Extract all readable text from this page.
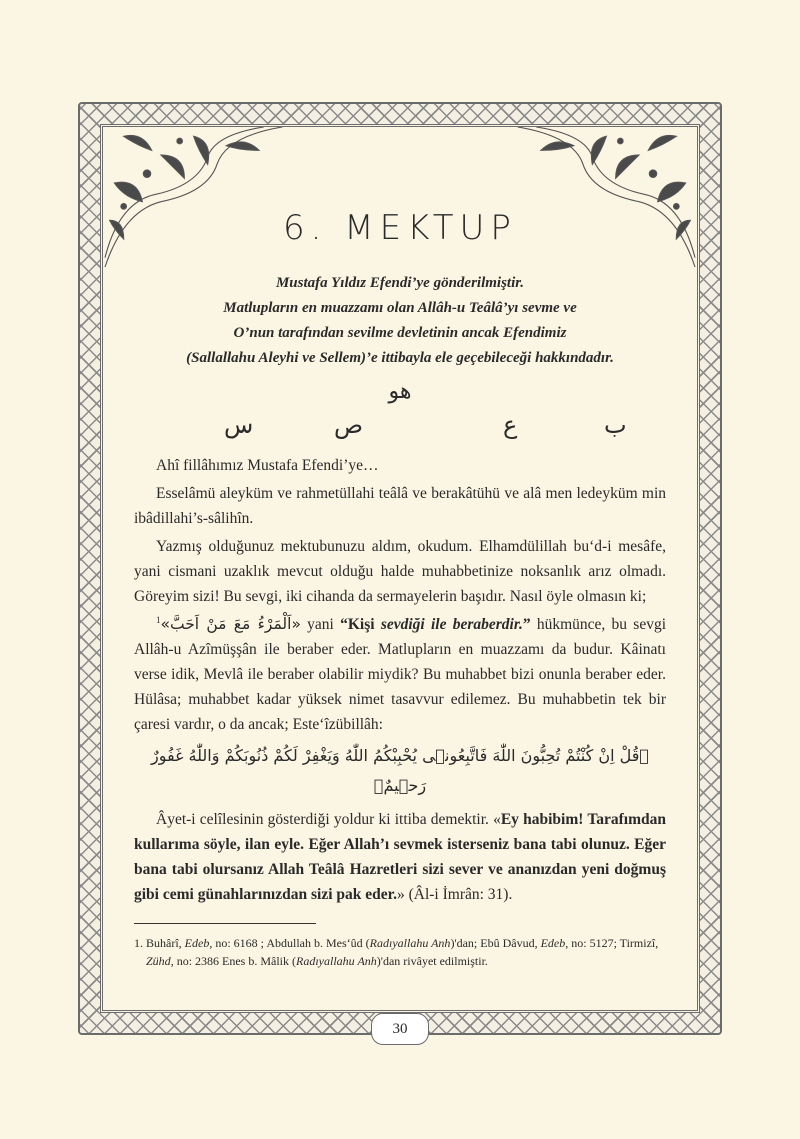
6. MEKTUP
Mustafa Yıldız Efendi’ye gönderilmiştir.
Matlupların en muazzamı olan Allâh-u Teâlâ’yı sevme ve
O’nun tarafından sevilme devletinin ancak Efendimiz
(Sallallahu Aleyhi ve Sellem)’e ittibayla ele geçebileceği hakkındadır.
هو
ب
ع
ص
س

Ahî fillâhımız Mustafa Efendi’ye…

Esselâmü aleyküm ve rahmetüllahi teâlâ ve berakâtühü ve alâ men ledeyküm min ibâdillahi’s-sâlihîn.

Yazmış olduğunuz mektubunuzu aldım, okudum. Elhamdülillah bu‘d-i mesâfe, yani cismani uzaklık mevcut olduğu halde muhabbetinize noksanlık arız olmadı. Göreyim sizi! Bu sevgi, iki cihanda da sermayelerin başıdır. Nasıl öyle olmasın ki;

$^1$«اَلْمَرْءُ مَعَ مَنْ اَحَبَّ» yani “Kişi sevdiği ile beraberdir.” hükmünce, bu sevgi Allâh-u Azîmüşşân ile beraber eder. Matlupların en muazzamı da budur. Kâinatı verse idik, Mevlâ ile beraber olabilir miydik? Bu muhabbet bizi onunla beraber eder. Hülâsa; muhabbet kadar yüksek nimet tasavvur edilemez. Bu muhabbetin tek bir çaresi vardır, o da ancak; Este‘îzübillâh:

﴿قُلْ اِنْ كُنْتُمْ تُحِبُّونَ اللّٰهَ فَاتَّبِعُونٖى يُحْبِبْكُمُ اللّٰهُ وَيَغْفِرْ لَكُمْ ذُنُوبَكُمْ وَاللّٰهُ غَفُورٌ رَحٖيمٌ﴾

Âyet-i celîlesinin gösterdiği yoldur ki ittiba demektir. «Ey habibim! Tarafımdan kullarıma söyle, ilan eyle. Eğer Allah’ı sevmek isterseniz bana tabi olunuz. Eğer bana tabi olursanız Allah Teâlâ Hazretleri sizi sever ve ananızdan yeni doğmuş gibi cemi günahlarınızdan sizi pak eder.» (Âl-i İmrân: 31).

1. Buhârî, Edeb, no: 6168 ; Abdullah b. Mes‘ûd (Radıyallahu Anh)'dan; Ebû Dâvud, Edeb, no: 5127; Tirmizî, Zühd, no: 2386 Enes b. Mâlik (Radıyallahu Anh)'dan rivâyet edilmiştir.
30
